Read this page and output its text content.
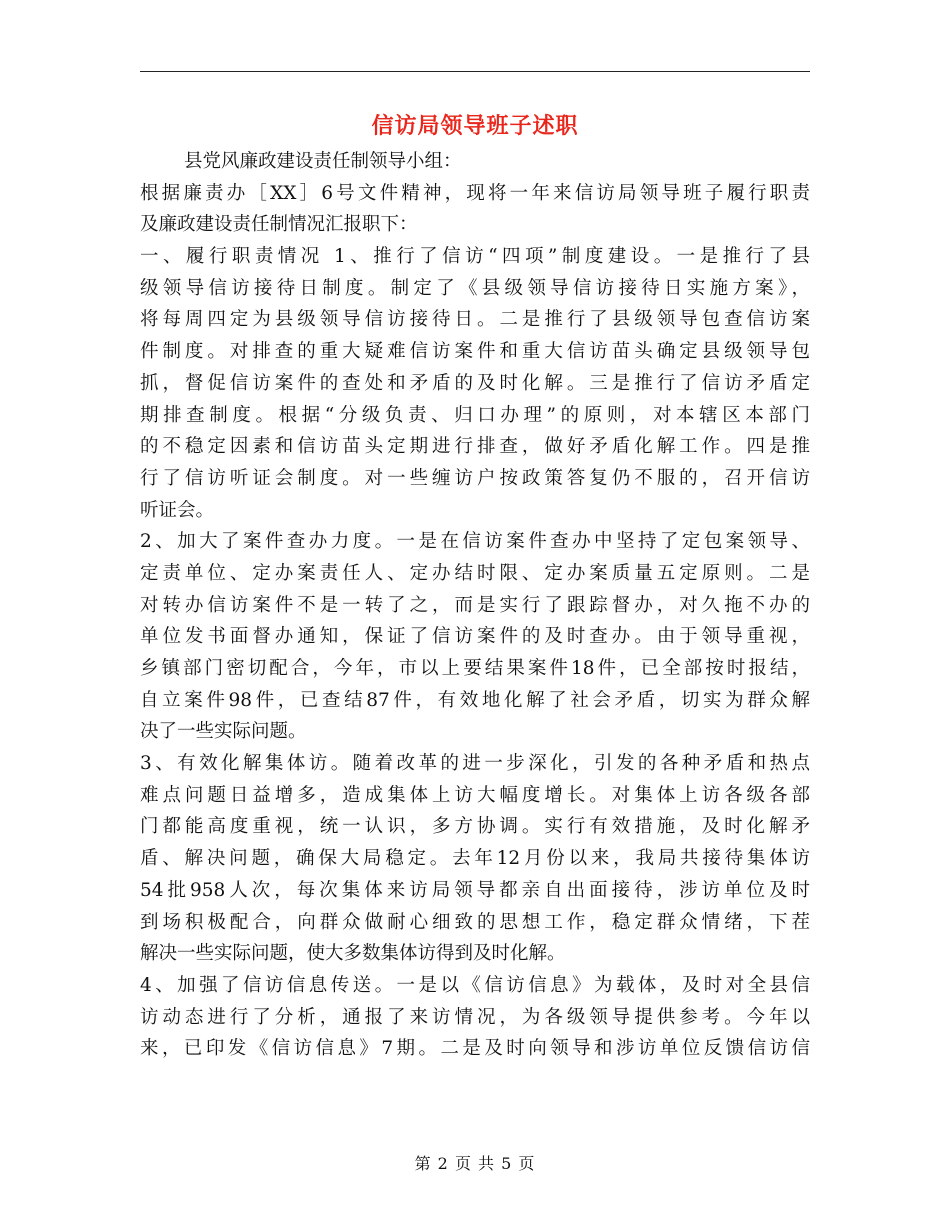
信访局领导班子述职
县党风廉政建设责任制领导小组：
根据廉责办［XX］6号文件精神，现将一年来信访局领导班子履行职责
及廉政建设责任制情况汇报职下：
一、履行职责情况 1、推行了信访“四项”制度建设。一是推行了县
级领导信访接待日制度。制定了《县级领导信访接待日实施方案》，
将每周四定为县级领导信访接待日。二是推行了县级领导包查信访案
件制度。对排查的重大疑难信访案件和重大信访苗头确定县级领导包
抓，督促信访案件的查处和矛盾的及时化解。三是推行了信访矛盾定
期排查制度。根据“分级负责、归口办理”的原则，对本辖区本部门
的不稳定因素和信访苗头定期进行排查，做好矛盾化解工作。四是推
行了信访听证会制度。对一些缠访户按政策答复仍不服的，召开信访
听证会。
2、加大了案件查办力度。一是在信访案件查办中坚持了定包案领导、
定责单位、定办案责任人、定办结时限、定办案质量五定原则。二是
对转办信访案件不是一转了之，而是实行了跟踪督办，对久拖不办的
单位发书面督办通知，保证了信访案件的及时查办。由于领导重视，
乡镇部门密切配合，今年，市以上要结果案件18件，已全部按时报结，
自立案件98件，已查结87件，有效地化解了社会矛盾，切实为群众解
决了一些实际问题。
3、有效化解集体访。随着改革的进一步深化，引发的各种矛盾和热点
难点问题日益增多，造成集体上访大幅度增长。对集体上访各级各部
门都能高度重视，统一认识，多方协调。实行有效措施，及时化解矛
盾、解决问题，确保大局稳定。去年12月份以来，我局共接待集体访
54批958人次，每次集体来访局领导都亲自出面接待，涉访单位及时
到场积极配合，向群众做耐心细致的思想工作，稳定群众情绪，下茬
解决一些实际问题，使大多数集体访得到及时化解。
4、加强了信访信息传送。一是以《信访信息》为载体，及时对全县信
访动态进行了分析，通报了来访情况，为各级领导提供参考。今年以
来，已印发《信访信息》7期。二是及时向领导和涉访单位反馈信访信
第 2 页 共 5 页
